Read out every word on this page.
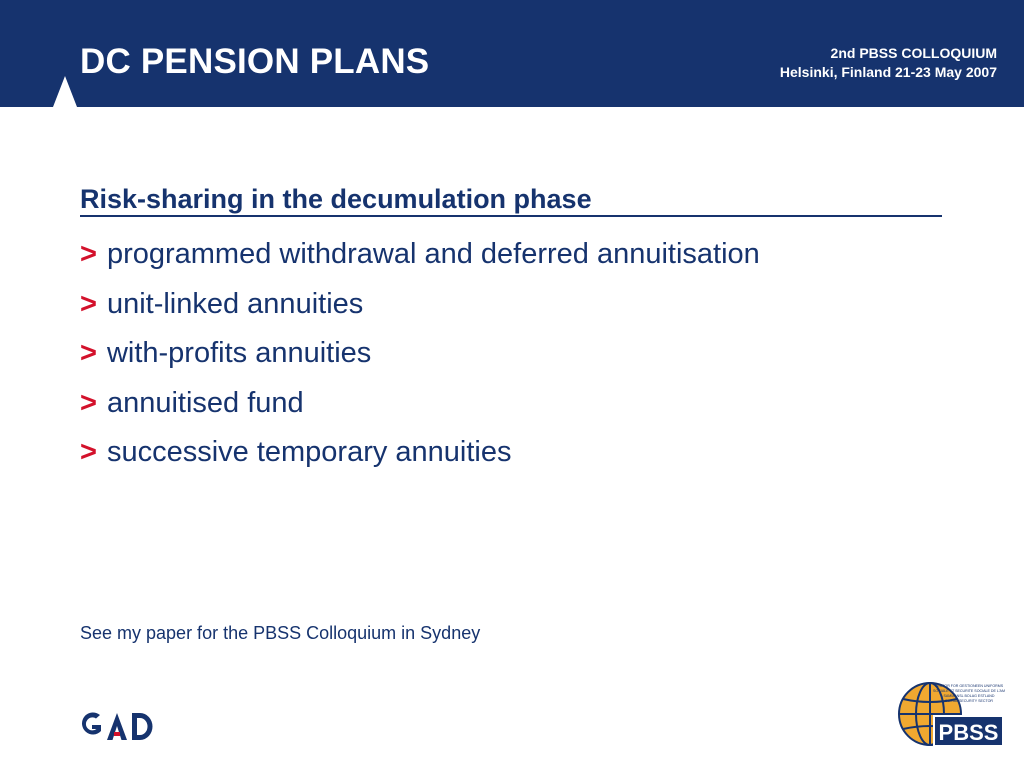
DC PENSION PLANS	2nd PBSS COLLOQUIUM
Helsinki, Finland 21-23 May 2007
Risk-sharing in the decumulation phase
> programmed withdrawal and deferred annuitisation
> unit-linked annuities
> with-profits annuities
> annuitised fund
> successive temporary annuities
See my paper for the PBSS Colloquium in Sydney
PBSS
SECTOR FOR GESTIONEEN UNIFORMS
SOCIALE ET SECURITE SOCIALE DE L'AM
SAMMANSL BOLAG ESTLAND
SOCIAL SECURITY SECTOR
